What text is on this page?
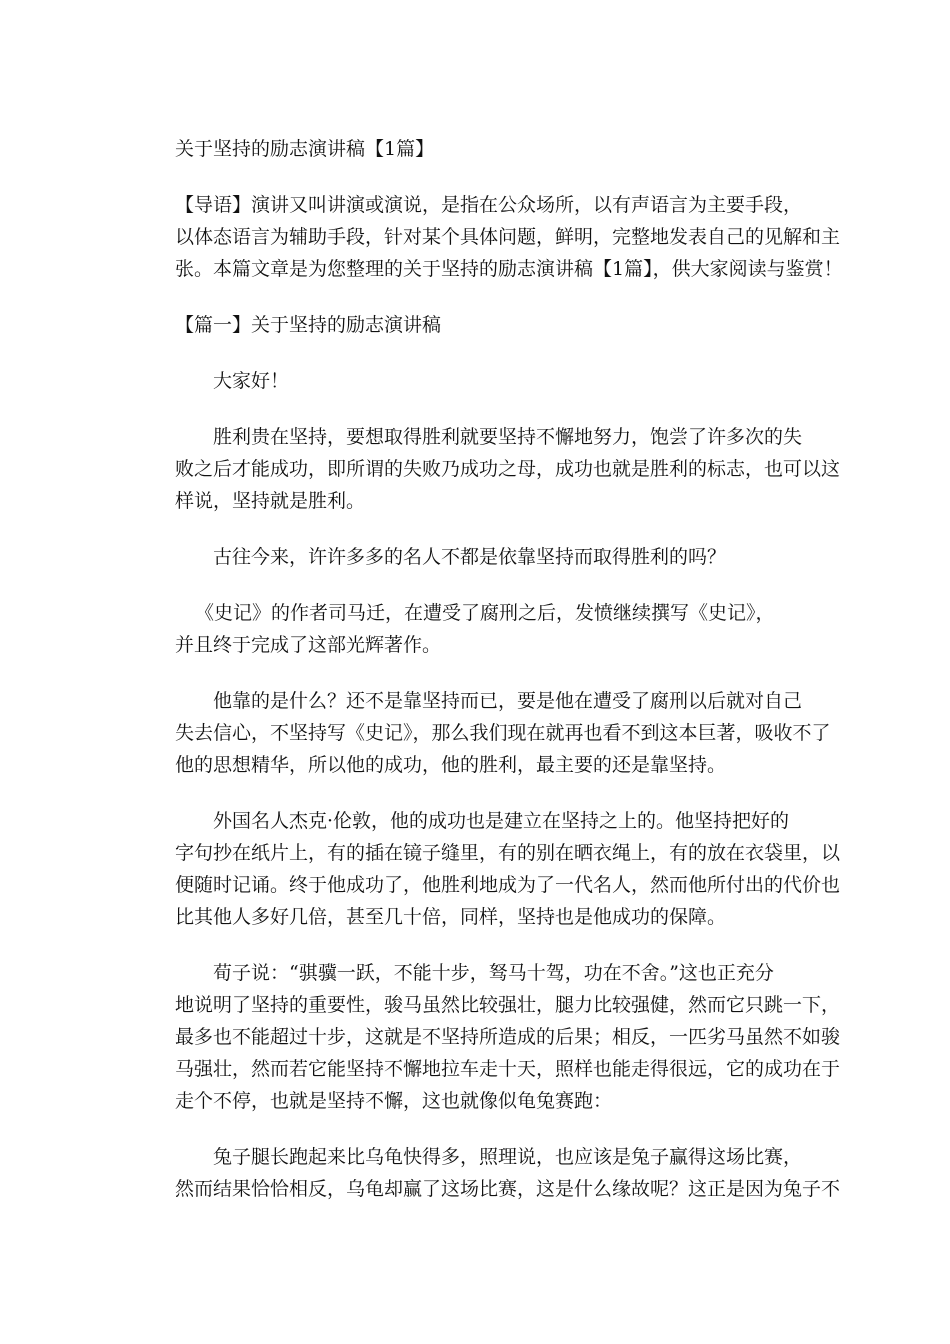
关于坚持的励志演讲稿【1篇】
【导语】演讲又叫讲演或演说，是指在公众场所，以有声语言为主要手段，
以体态语言为辅助手段，针对某个具体问题，鲜明，完整地发表自己的见解和主
张。本篇文章是为您整理的关于坚持的励志演讲稿【1篇】，供大家阅读与鉴赏！
【篇一】关于坚持的励志演讲稿
大家好！
胜利贵在坚持，要想取得胜利就要坚持不懈地努力，饱尝了许多次的失
败之后才能成功，即所谓的失败乃成功之母，成功也就是胜利的标志，也可以这
样说，坚持就是胜利。
古往今来，许许多多的名人不都是依靠坚持而取得胜利的吗？
《史记》的作者司马迁，在遭受了腐刑之后，发愤继续撰写《史记》，
并且终于完成了这部光辉著作。
他靠的是什么？还不是靠坚持而已，要是他在遭受了腐刑以后就对自己
失去信心，不坚持写《史记》，那么我们现在就再也看不到这本巨著，吸收不了
他的思想精华，所以他的成功，他的胜利，最主要的还是靠坚持。
外国名人杰克·伦敦，他的成功也是建立在坚持之上的。他坚持把好的
字句抄在纸片上，有的插在镜子缝里，有的别在晒衣绳上，有的放在衣袋里，以
便随时记诵。终于他成功了，他胜利地成为了一代名人，然而他所付出的代价也
比其他人多好几倍，甚至几十倍，同样，坚持也是他成功的保障。
荀子说：“骐骥一跃，不能十步，驽马十驾，功在不舍。”这也正充分
地说明了坚持的重要性，骏马虽然比较强壮，腿力比较强健，然而它只跳一下，
最多也不能超过十步，这就是不坚持所造成的后果；相反，一匹劣马虽然不如骏
马强壮，然而若它能坚持不懈地拉车走十天，照样也能走得很远，它的成功在于
走个不停，也就是坚持不懈，这也就像似龟兔赛跑：
兔子腿长跑起来比乌龟快得多，照理说，也应该是兔子赢得这场比赛，
然而结果恰恰相反，乌龟却赢了这场比赛，这是什么缘故呢？这正是因为兔子不
